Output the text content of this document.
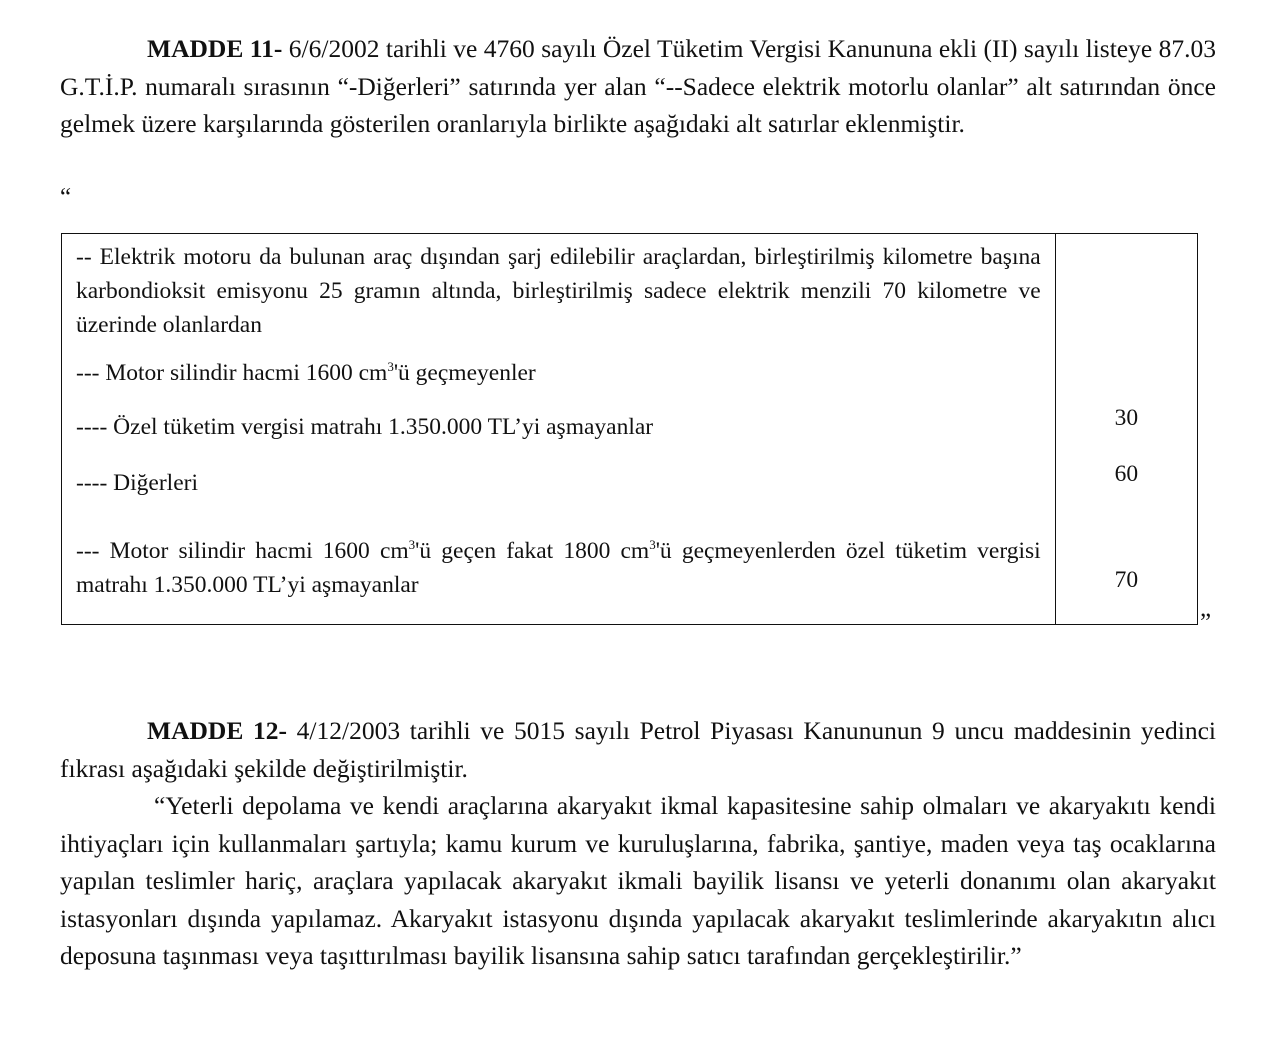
MADDE 11- 6/6/2002 tarihli ve 4760 sayılı Özel Tüketim Vergisi Kanununa ekli (II) sayılı listeye 87.03 G.T.İ.P. numaralı sırasının “-Diğerleri” satırında yer alan “--Sadece elektrik motorlu olanlar” alt satırından önce gelmek üzere karşılarında gösterilen oranlarıyla birlikte aşağıdaki alt satırlar eklenmiştir.

“

-- Elektrik motoru da bulunan araç dışından şarj edilebilir araçlardan, birleştirilmiş kilometre başına karbondioksit emisyonu 25 gramın altında, birleştirilmiş sadece elektrik menzili 70 kilometre ve üzerinde olanlardan	
--- Motor silindir hacmi 1600 $cm^3'ü$ geçmeyenler	
---- Özel tüketim vergisi matrahı 1.350.000 TL’yi aşmayanlar	30
---- Diğerleri	60
--- Motor silindir hacmi 1600 $cm^3'ü$ geçen fakat 1800 $cm^3'ü$ geçmeyenlerden özel tüketim vergisi matrahı 1.350.000 TL’yi aşmayanlar	70

”

MADDE 12- 4/12/2003 tarihli ve 5015 sayılı Petrol Piyasası Kanununun 9 uncu maddesinin yedinci fıkrası aşağıdaki şekilde değiştirilmiştir.

“Yeterli depolama ve kendi araçlarına akaryakıt ikmal kapasitesine sahip olmaları ve akaryakıtı kendi ihtiyaçları için kullanmaları şartıyla; kamu kurum ve kuruluşlarına, fabrika, şantiye, maden veya taş ocaklarına yapılan teslimler hariç, araçlara yapılacak akaryakıt ikmali bayilik lisansı ve yeterli donanımı olan akaryakıt istasyonları dışında yapılamaz. Akaryakıt istasyonu dışında yapılacak akaryakıt teslimlerinde akaryakıtın alıcı deposuna taşınması veya taşıttırılması bayilik lisansına sahip satıcı tarafından gerçekleştirilir.”
